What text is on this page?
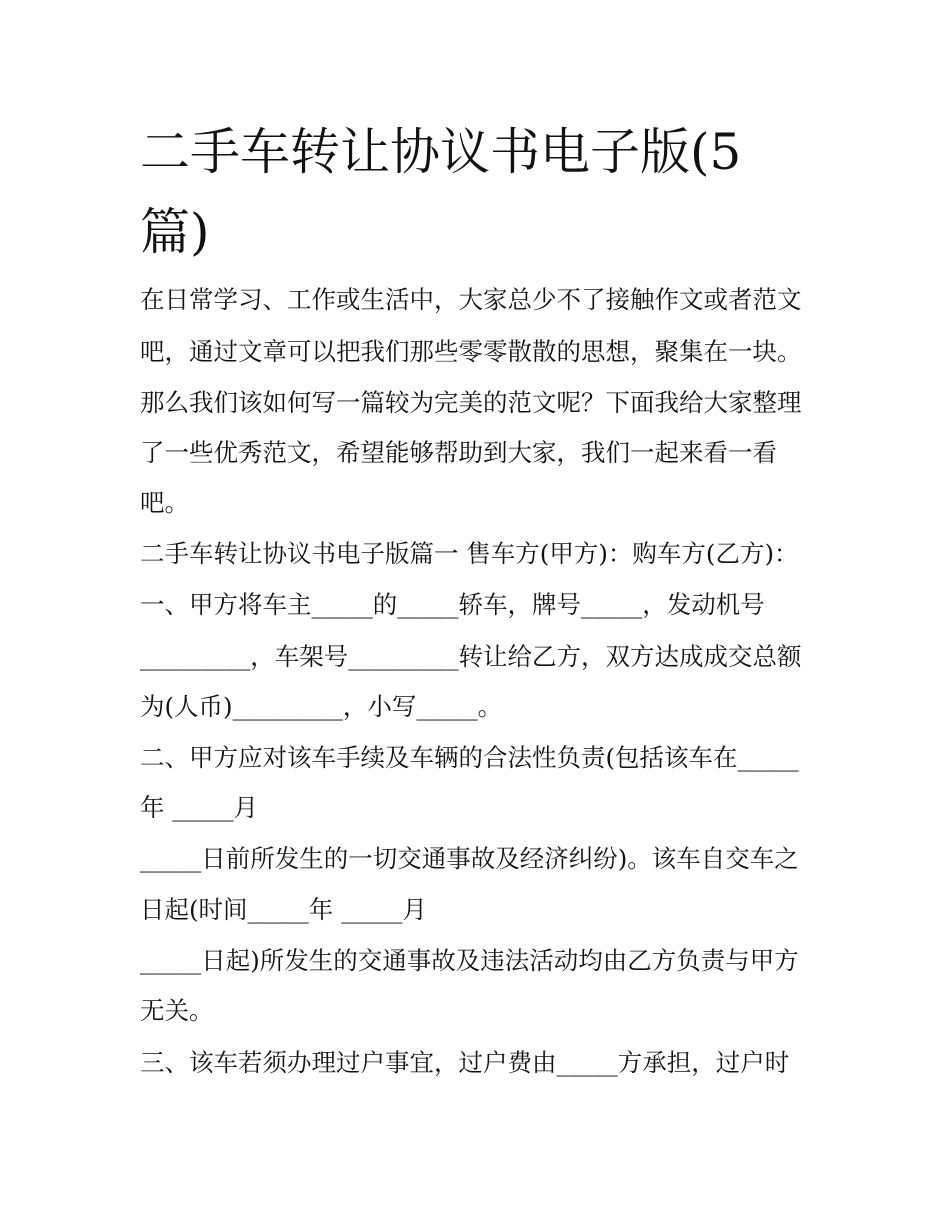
二手车转让协议书电子版(5
篇)

在日常学习、工作或生活中，大家总少不了接触作文或者范文

吧，通过文章可以把我们那些零零散散的思想，聚集在一块。

那么我们该如何写一篇较为完美的范文呢？下面我给大家整理

了一些优秀范文，希望能够帮助到大家，我们一起来看一看

吧。

二手车转让协议书电子版篇一 售车方(甲方)：购车方(乙方)：

一、甲方将车主_____的_____轿车，牌号_____，发动机号

_________，车架号_________转让给乙方，双方达成成交总额

为(人币)_________，小写_____。

二、甲方应对该车手续及车辆的合法性负责(包括该车在_____

年 _____月

_____日前所发生的一切交通事故及经济纠纷)。该车自交车之

日起(时间_____年 _____月

_____日起)所发生的交通事故及违法活动均由乙方负责与甲方

无关。

三、该车若须办理过户事宜，过户费由_____方承担，过户时
